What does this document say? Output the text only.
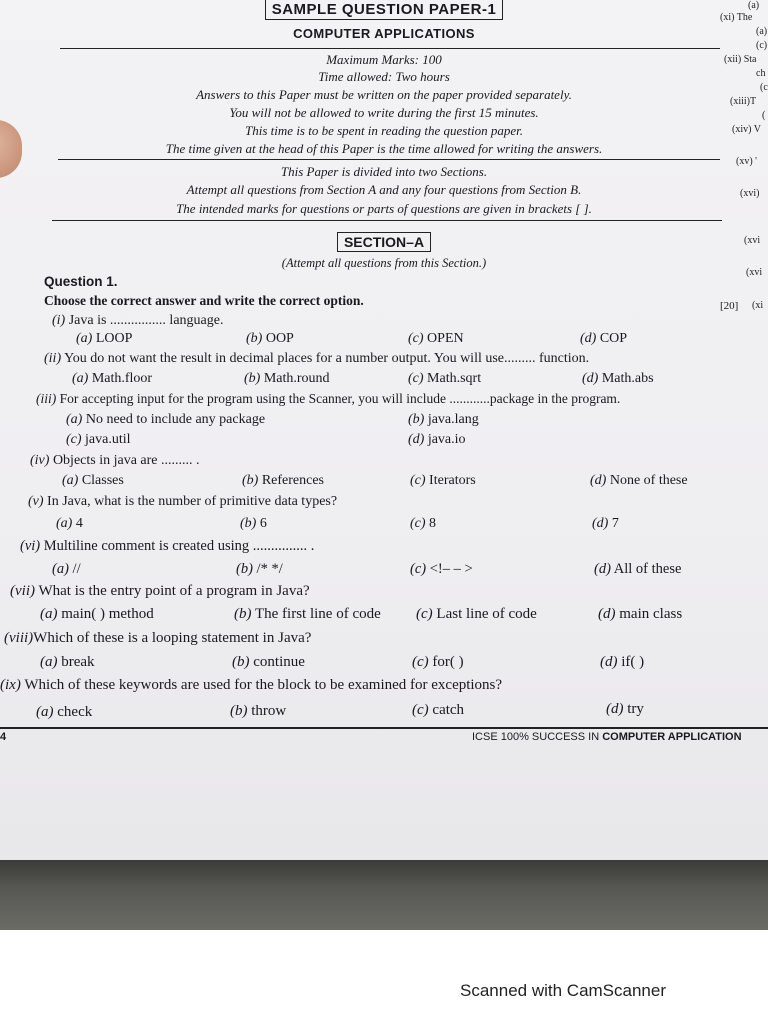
SAMPLE QUESTION PAPER-1
COMPUTER APPLICATIONS
Maximum Marks: 100
Time allowed: Two hours
Answers to this Paper must be written on the paper provided separately.
You will not be allowed to write during the first 15 minutes.
This time is to be spent in reading the question paper.
The time given at the head of this Paper is the time allowed for writing the answers.
This Paper is divided into two Sections.
Attempt all questions from Section A and any four questions from Section B.
The intended marks for questions or parts of questions are given in brackets [ ].
SECTION–A
(Attempt all questions from this Section.)
Question 1.
Choose the correct answer and write the correct option.	[20]
(i) Java is ................ language.
(a) LOOP	(b) OOP	(c) OPEN	(d) COP
(ii) You do not want the result in decimal places for a number output. You will use......... function.
(a) Math.floor	(b) Math.round	(c) Math.sqrt	(d) Math.abs
(iii) For accepting input for the program using the Scanner, you will include ............package in the program.
(a) No need to include any package	(b) java.lang
(c) java.util	(d) java.io
(iv) Objects in java are ......... .
(a) Classes	(b) References	(c) Iterators	(d) None of these
(v) In Java, what is the number of primitive data types?
(a) 4	(b) 6	(c) 8	(d) 7
(vi) Multiline comment is created using ............... .
(a) //	(b) /* */	(c) <!– – >	(d) All of these
(vii) What is the entry point of a program in Java?
(a) main( ) method	(b) The first line of code (c) Last line of code	(d) main class
(viii)Which of these is a looping statement in Java?
(a) break	(b) continue	(c) for( )	(d) if( )
(ix) Which of these keywords are used for the block to be examined for exceptions?
(a) check	(b) throw	(c) catch	(d) try
4	ICSE 100% SUCCESS IN COMPUTER APPLICATION
(a)
(xi) The
(a)
(c)
(xii) Sta
ch
(c
(xiii)T
(
(xiv) V
(xv) '
(xvi)
(xvi
(xvi
(xi
Scanned with CamScanner
